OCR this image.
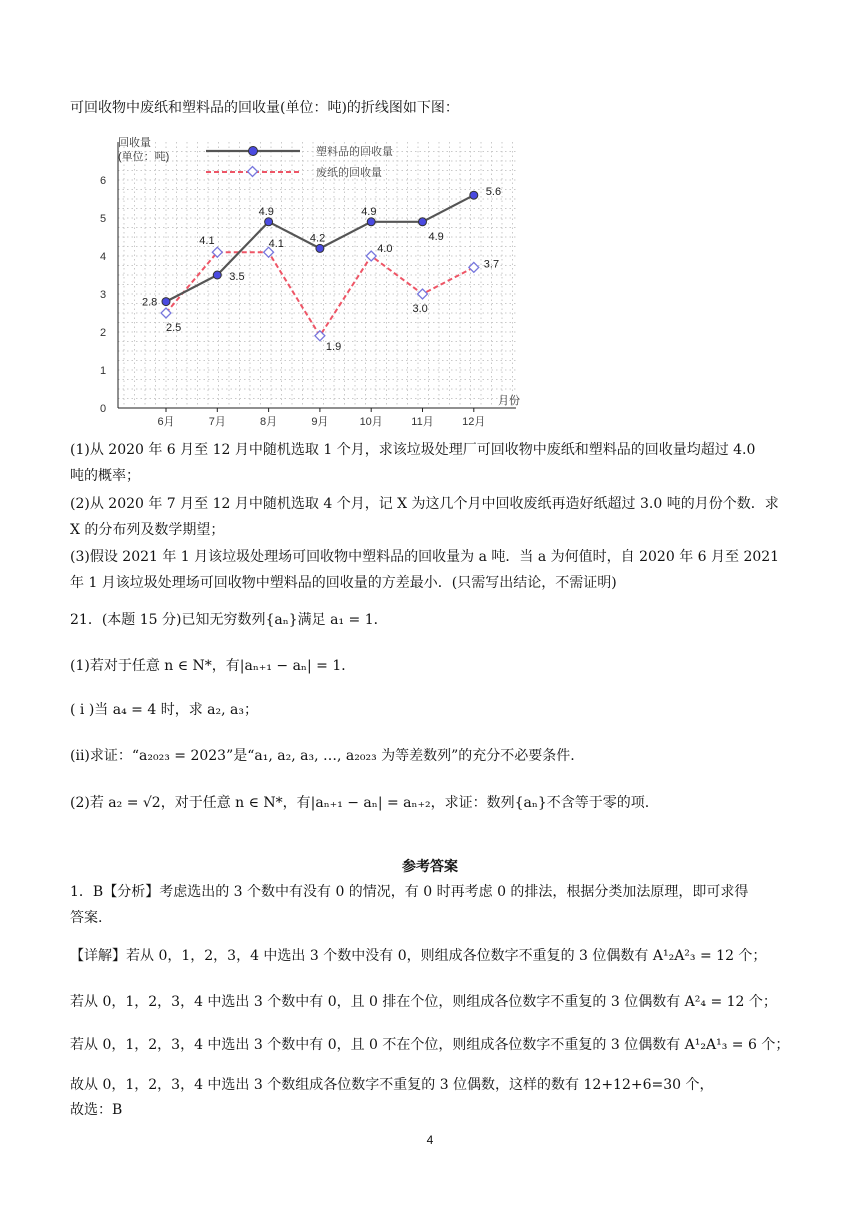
可回收物中废纸和塑料品的回收量(单位：吨)的折线图如下图：
0
1
2
3
4
5
6
6月	7月	8月	9月	10月	11月	12月
回收量
(单位：吨)
月份
塑料品的回收量
废纸的回收量
2.8
3.5
4.9
4.2
4.9
4.9
5.6
2.5
4.1	4.1
1.9
4.0
3.0
3.7
(1)从 2020 年 6 月至 12 月中随机选取 1 个月，求该垃圾处理厂可回收物中废纸和塑料品的回收量均超过 4.0
吨的概率；
(2)从 2020 年 7 月至 12 月中随机选取 4 个月，记 X 为这几个月中回收废纸再造好纸超过 3.0 吨的月份个数．求
X 的分布列及数学期望；
(3)假设 2021 年 1 月该垃圾处理场可回收物中塑料品的回收量为 a 吨．当 a 为何值时，自 2020 年 6 月至 2021
年 1 月该垃圾处理场可回收物中塑料品的回收量的方差最小．(只需写出结论，不需证明)
21．(本题 15 分)已知无穷数列{aₙ}满足 a₁ = 1．
(1)若对于任意 n ∈ N*，有|aₙ₊₁ − aₙ| = 1．
( i )当 a₄ = 4 时，求 a₂, a₃；
(ii)求证：“a₂₀₂₃ = 2023”是“a₁, a₂, a₃, …, a₂₀₂₃ 为等差数列”的充分不必要条件.
(2)若 a₂ = √2，对于任意 n ∈ N*，有|aₙ₊₁ − aₙ| = aₙ₊₂，求证：数列{aₙ}不含等于零的项.
参考答案
1．B【分析】考虑选出的 3 个数中有没有 0 的情况，有 0 时再考虑 0 的排法，根据分类加法原理，即可求得
答案.
【详解】若从 0，1，2，3，4 中选出 3 个数中没有 0，则组成各位数字不重复的 3 位偶数有 A¹₂A²₃ = 12 个；
若从 0，1，2，3，4 中选出 3 个数中有 0，且 0 排在个位，则组成各位数字不重复的 3 位偶数有 A²₄ = 12 个；
若从 0，1，2，3，4 中选出 3 个数中有 0，且 0 不在个位，则组成各位数字不重复的 3 位偶数有 A¹₂A¹₃ = 6 个；
故从 0，1，2，3，4 中选出 3 个数组成各位数字不重复的 3 位偶数，这样的数有 12+12+6=30 个，
故选：B
4
